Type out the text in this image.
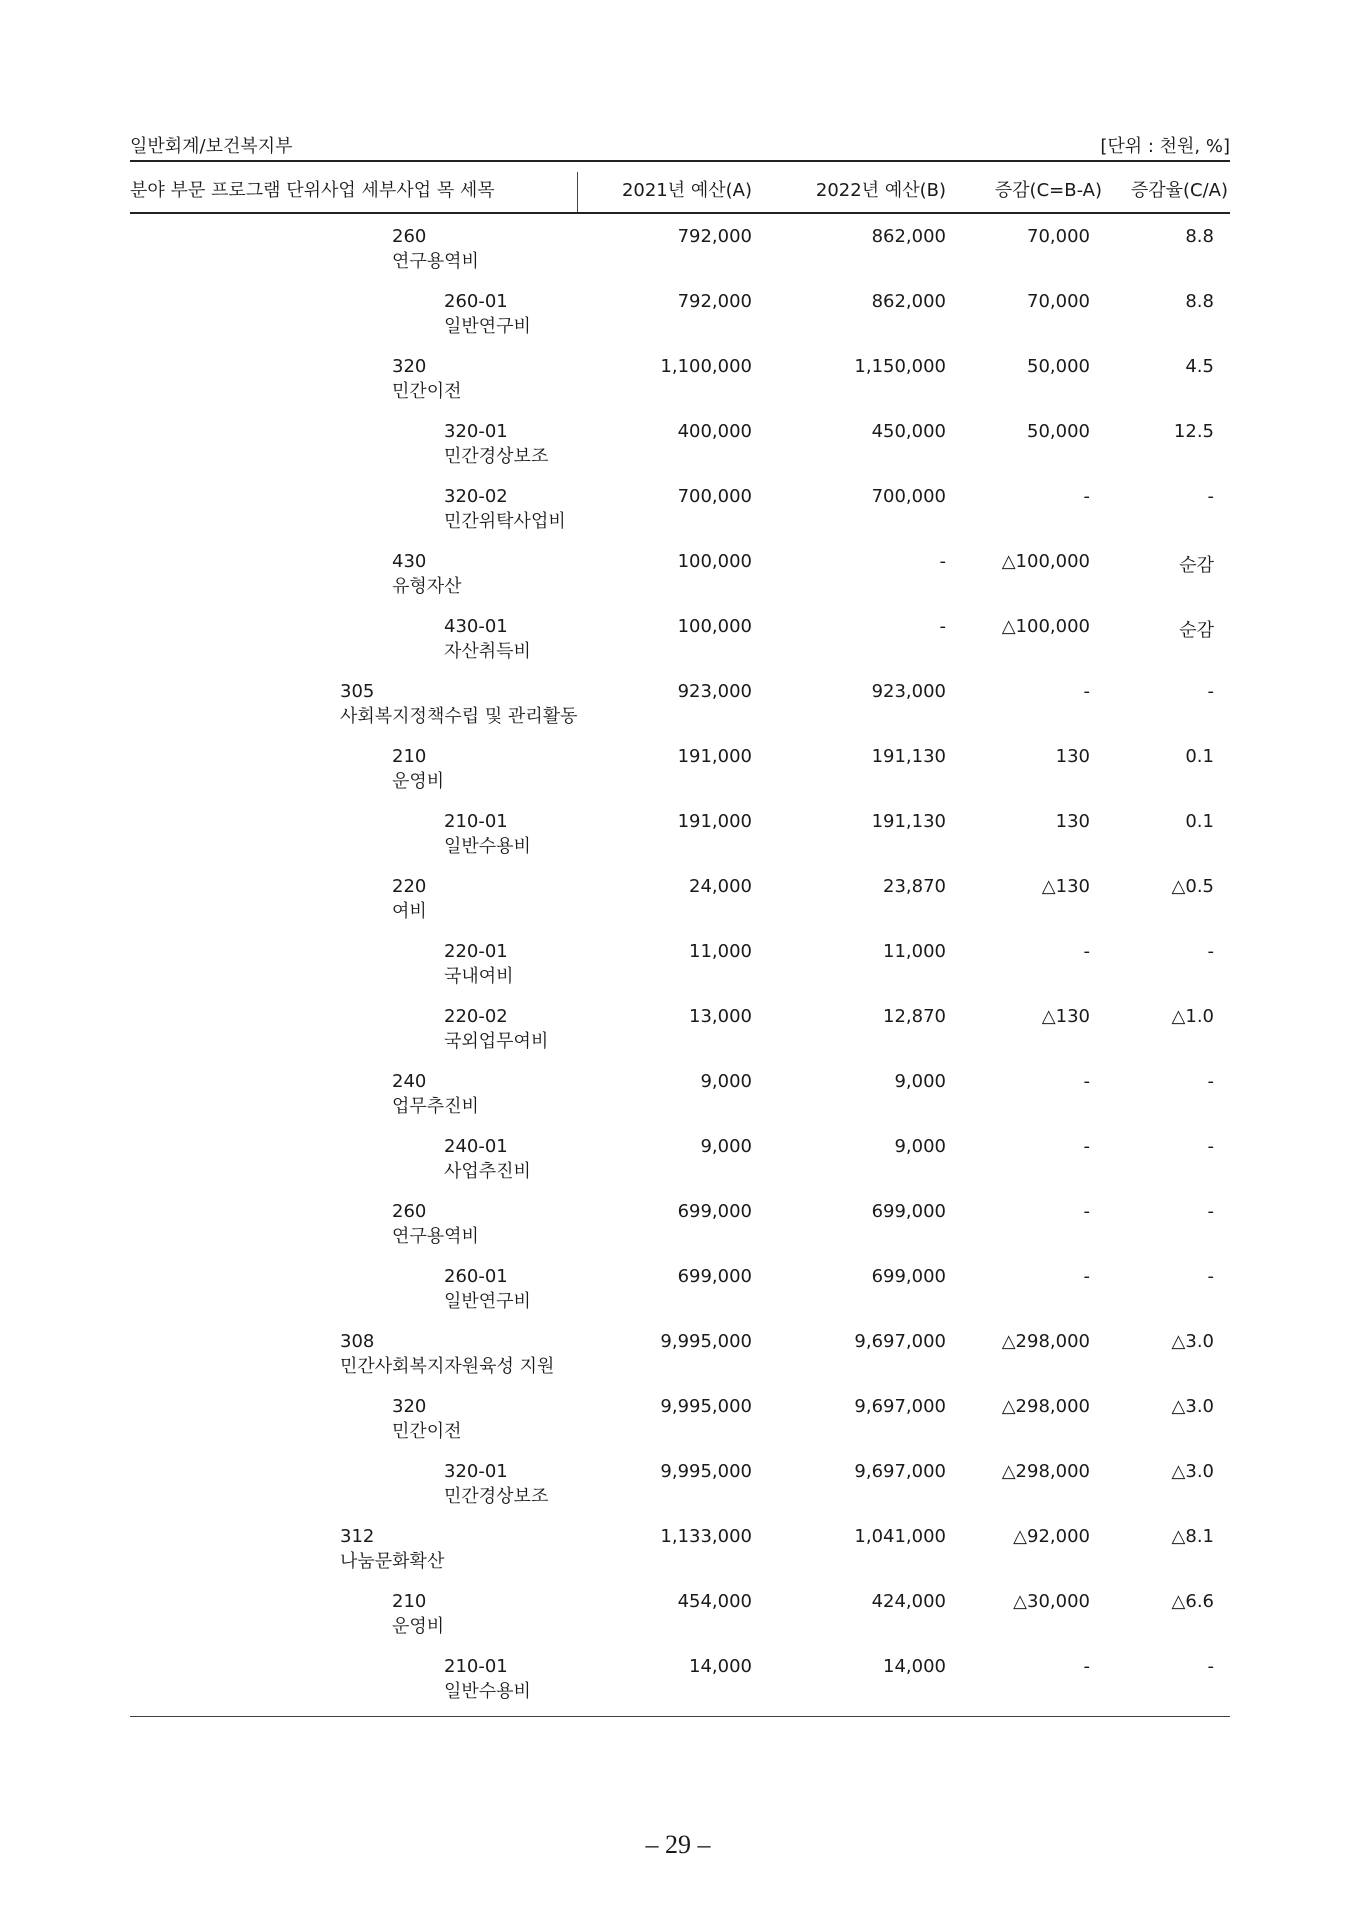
일반회계/보건복지부	[단위 : 천원, %]
분야 부문 프로그램 단위사업 세부사업 목 세목	2021년 예산(A)	2022년 예산(B)	증감(C=B-A) 증감율(C/A)
260
연구용역비
792,000	862,000	70,000	8.8
260-01
일반연구비
792,000	862,000	70,000	8.8
320
민간이전
1,100,000	1,150,000	50,000	4.5
320-01
민간경상보조
400,000	450,000	50,000	12.5
320-02
민간위탁사업비
700,000	700,000	-	-
430
유형자산
100,000	-	△100,000	순감
430-01
자산취득비
100,000	-	△100,000	순감
305
사회복지정책수립 및 관리활동
923,000	923,000	-	-
210
운영비
191,000	191,130	130	0.1
210-01
일반수용비
191,000	191,130	130	0.1
220
여비
24,000	23,870	△130	△0.5
220-01
국내여비
11,000	11,000	-	-
220-02
국외업무여비
13,000	12,870	△130	△1.0
240
업무추진비
9,000	9,000	-	-
240-01
사업추진비
9,000	9,000	-	-
260
연구용역비
699,000	699,000	-	-
260-01
일반연구비
699,000	699,000	-	-
308
민간사회복지자원육성 지원
9,995,000	9,697,000	△298,000	△3.0
320
민간이전
9,995,000	9,697,000	△298,000	△3.0
320-01
민간경상보조
9,995,000	9,697,000	△298,000	△3.0
312
나눔문화확산
1,133,000	1,041,000	△92,000	△8.1
210
운영비
454,000	424,000	△30,000	△6.6
210-01
일반수용비
14,000	14,000	-	-
– 29 –
